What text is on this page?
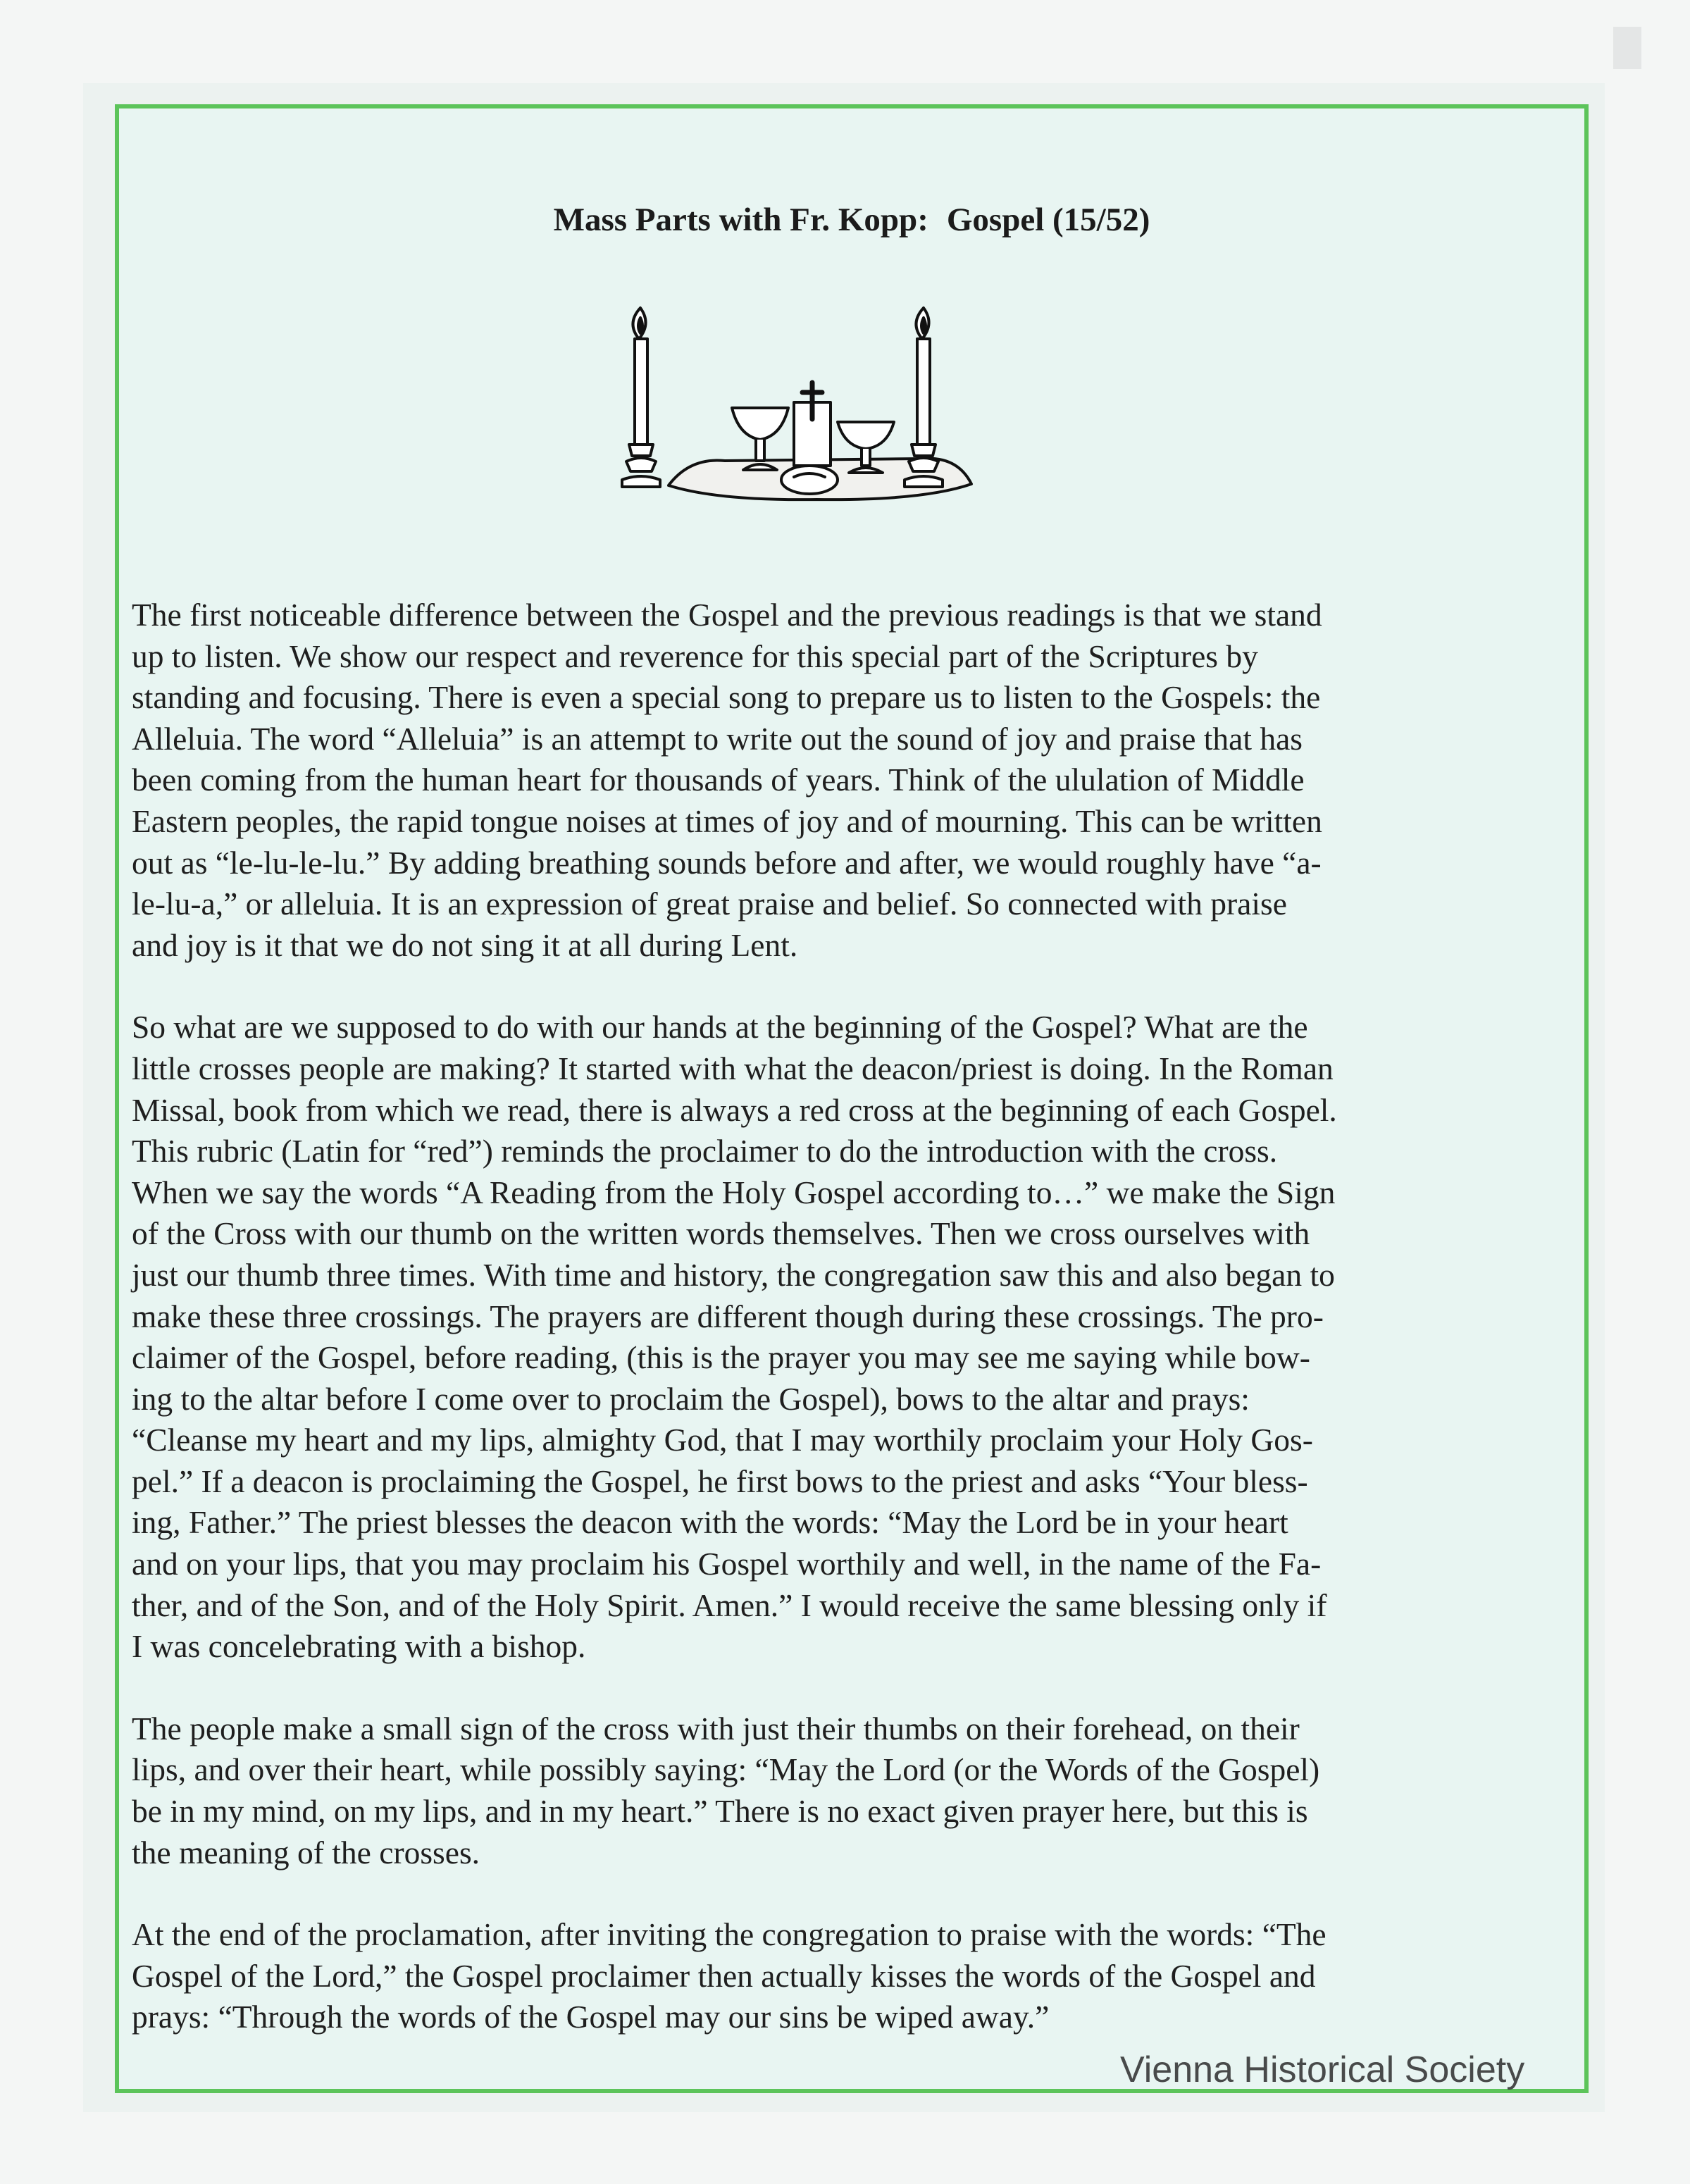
Mass Parts with Fr. Kopp: Gospel (15/52)

The first noticeable difference between the Gospel and the previous readings is that we stand
up to listen. We show our respect and reverence for this special part of the Scriptures by
standing and focusing. There is even a special song to prepare us to listen to the Gospels: the
Alleluia. The word “Alleluia” is an attempt to write out the sound of joy and praise that has
been coming from the human heart for thousands of years. Think of the ululation of Middle
Eastern peoples, the rapid tongue noises at times of joy and of mourning. This can be written
out as “le-lu-le-lu.” By adding breathing sounds before and after, we would roughly have “a-
le-lu-a,” or alleluia. It is an expression of great praise and belief. So connected with praise
and joy is it that we do not sing it at all during Lent.

So what are we supposed to do with our hands at the beginning of the Gospel? What are the
little crosses people are making? It started with what the deacon/priest is doing. In the Roman
Missal, book from which we read, there is always a red cross at the beginning of each Gospel.
This rubric (Latin for “red”) reminds the proclaimer to do the introduction with the cross.
When we say the words “A Reading from the Holy Gospel according to…” we make the Sign
of the Cross with our thumb on the written words themselves. Then we cross ourselves with
just our thumb three times. With time and history, the congregation saw this and also began to
make these three crossings. The prayers are different though during these crossings. The pro-
claimer of the Gospel, before reading, (this is the prayer you may see me saying while bow-
ing to the altar before I come over to proclaim the Gospel), bows to the altar and prays:
“Cleanse my heart and my lips, almighty God, that I may worthily proclaim your Holy Gos-
pel.” If a deacon is proclaiming the Gospel, he first bows to the priest and asks “Your bless-
ing, Father.” The priest blesses the deacon with the words: “May the Lord be in your heart
and on your lips, that you may proclaim his Gospel worthily and well, in the name of the Fa-
ther, and of the Son, and of the Holy Spirit. Amen.” I would receive the same blessing only if
I was concelebrating with a bishop.

The people make a small sign of the cross with just their thumbs on their forehead, on their
lips, and over their heart, while possibly saying: “May the Lord (or the Words of the Gospel)
be in my mind, on my lips, and in my heart.” There is no exact given prayer here, but this is
the meaning of the crosses.

At the end of the proclamation, after inviting the congregation to praise with the words: “The
Gospel of the Lord,” the Gospel proclaimer then actually kisses the words of the Gospel and
prays: “Through the words of the Gospel may our sins be wiped away.”

Vienna Historical Society
